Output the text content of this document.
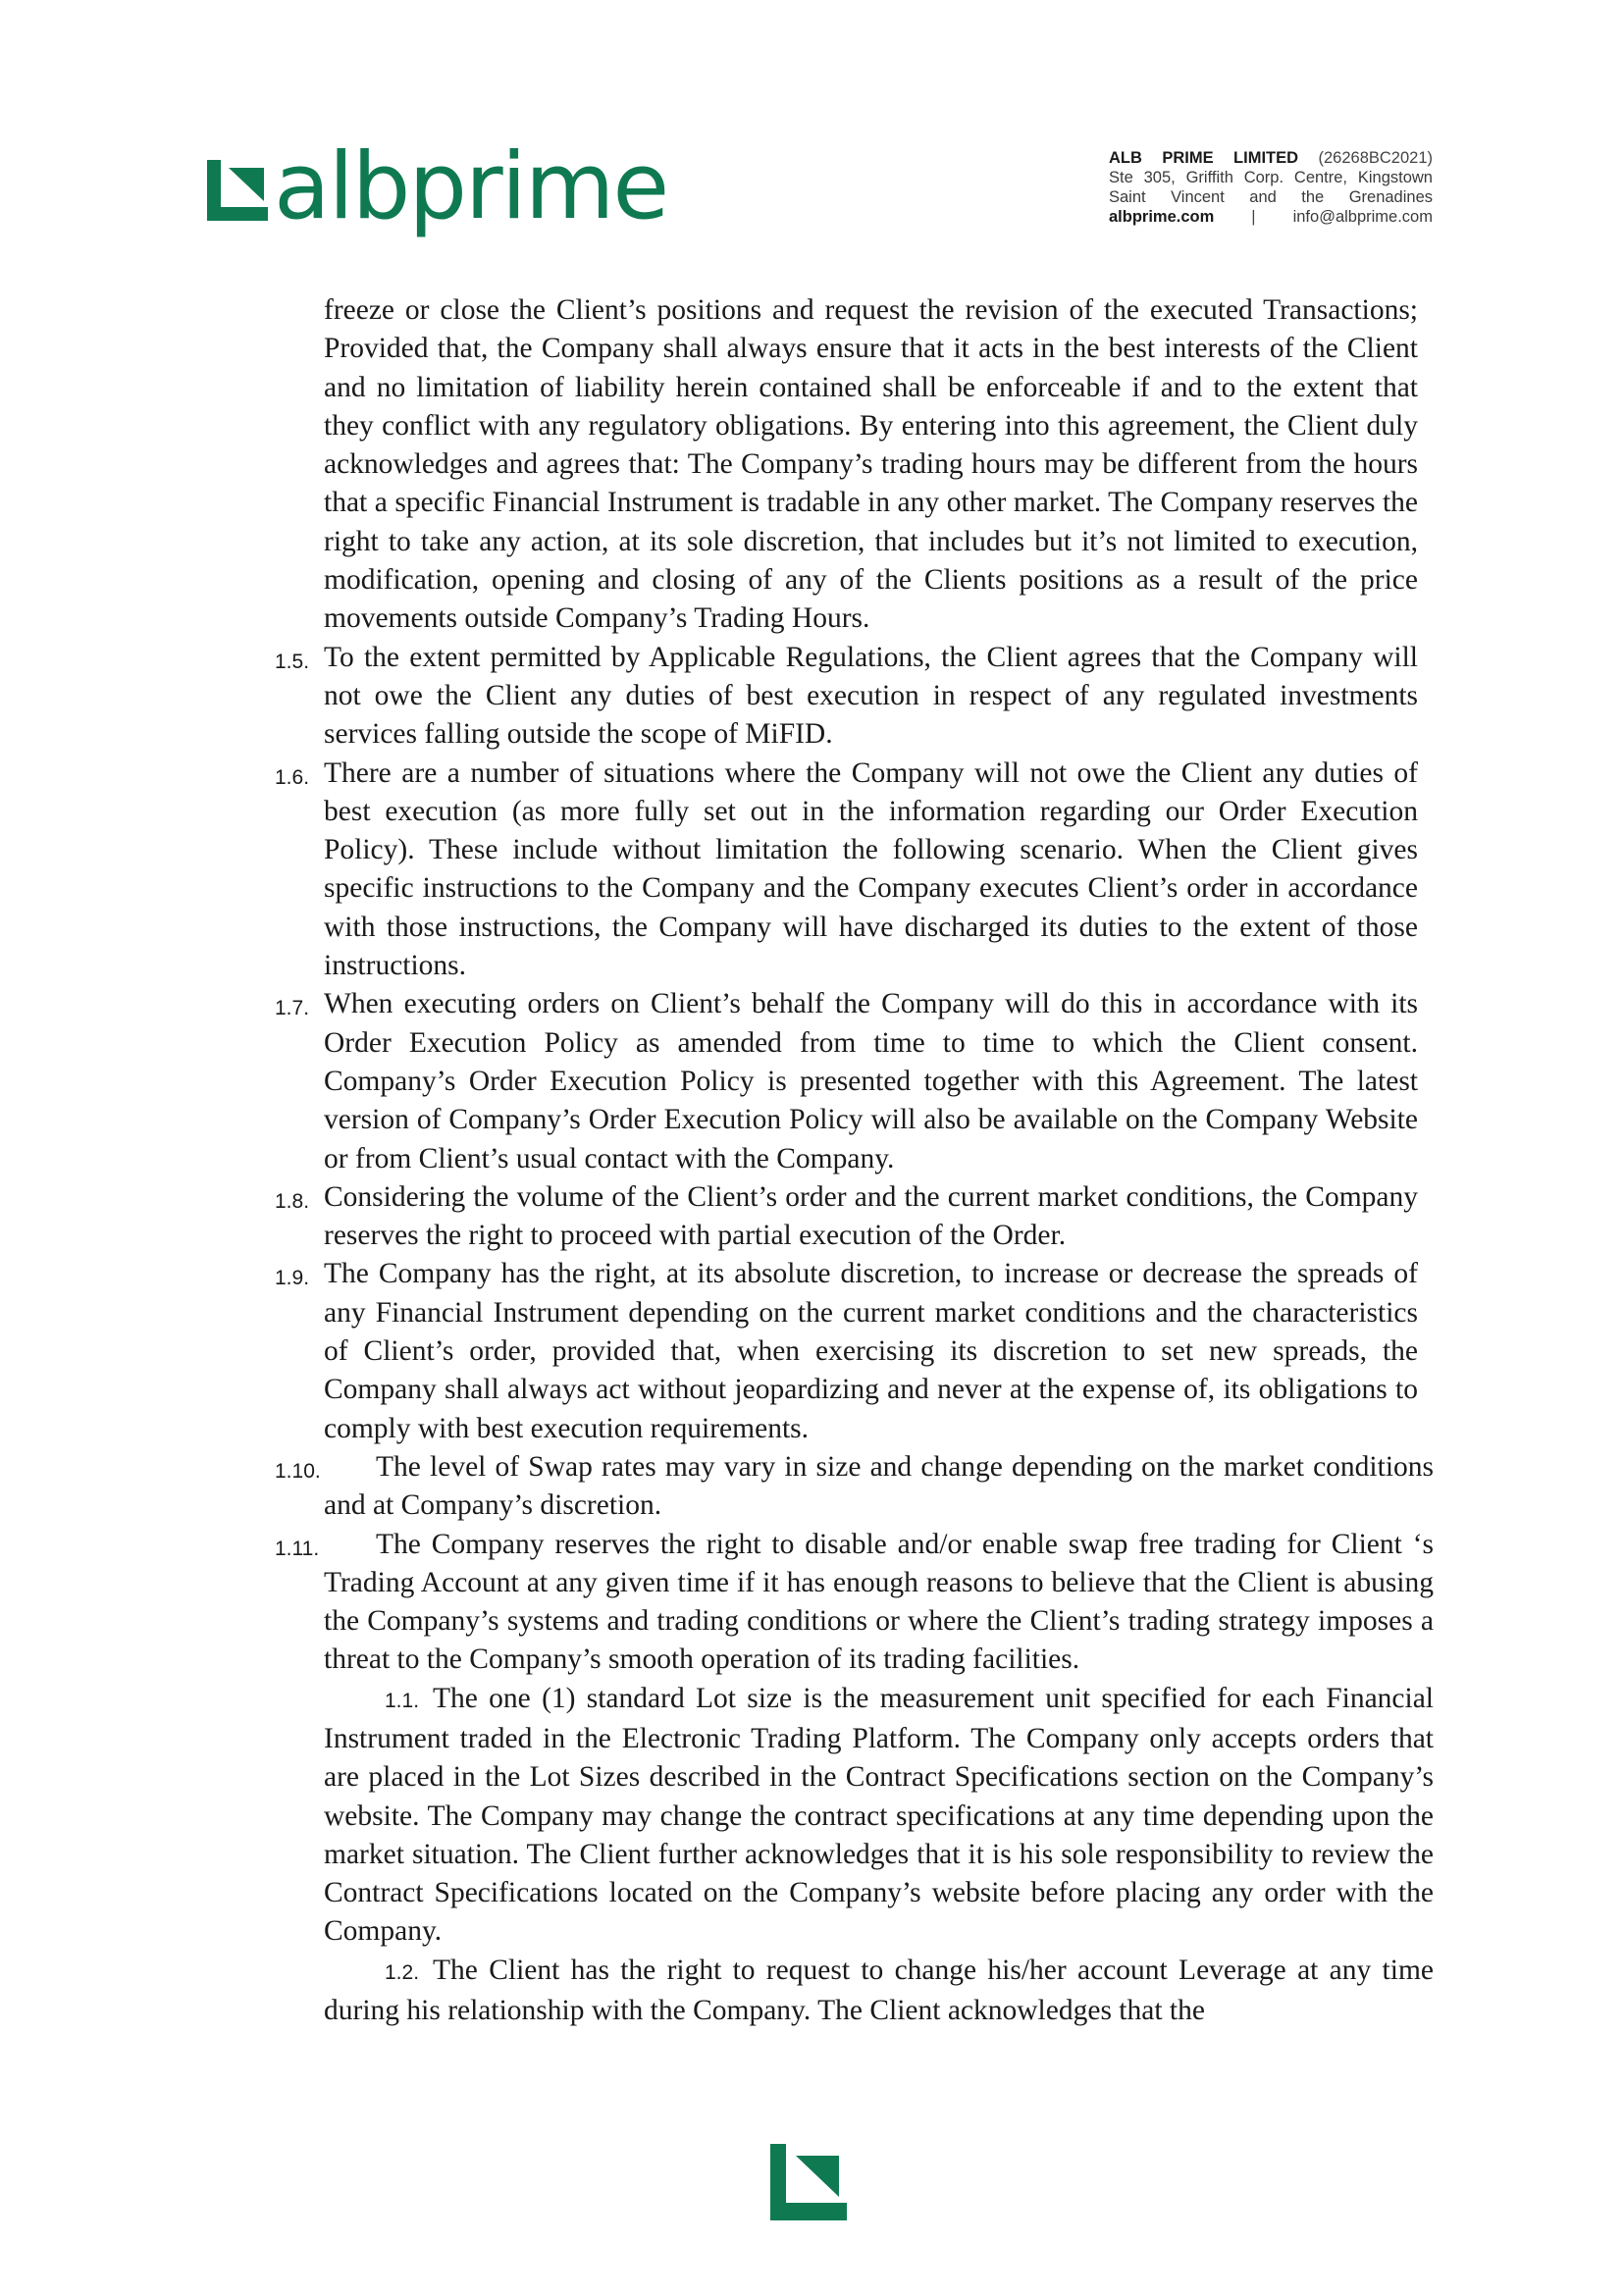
albprime	ALB PRIME LIMITED (26268BC2021)
Ste 305, Griffith Corp. Centre, Kingstown
Saint Vincent and the Grenadines
albprime.com | info@albprime.com

freeze or close the Client’s positions and request the revision of the executed Transactions; Provided that, the Company shall always ensure that it acts in the best interests of the Client and no limitation of liability herein contained shall be enforceable if and to the extent that they conflict with any regulatory obligations. By entering into this agreement, the Client duly acknowledges and agrees that: The Company’s trading hours may be different from the hours that a specific Financial Instrument is tradable in any other market. The Company reserves the right to take any action, at its sole discretion, that includes but it’s not limited to execution, modification, opening and closing of any of the Clients positions as a result of the price movements outside Company’s Trading Hours.

1.5. To the extent permitted by Applicable Regulations, the Client agrees that the Company will not owe the Client any duties of best execution in respect of any regulated investments services falling outside the scope of MiFID.

1.6. There are a number of situations where the Company will not owe the Client any duties of best execution (as more fully set out in the information regarding our Order Execution Policy). These include without limitation the following scenario. When the Client gives specific instructions to the Company and the Company executes Client’s order in accordance with those instructions, the Company will have discharged its duties to the extent of those instructions.

1.7. When executing orders on Client’s behalf the Company will do this in accordance with its Order Execution Policy as amended from time to time to which the Client consent. Company’s Order Execution Policy is presented together with this Agreement. The latest version of Company’s Order Execution Policy will also be available on the Company Website or from Client’s usual contact with the Company.

1.8. Considering the volume of the Client’s order and the current market conditions, the Company reserves the right to proceed with partial execution of the Order.

1.9. The Company has the right, at its absolute discretion, to increase or decrease the spreads of any Financial Instrument depending on the current market conditions and the characteristics of Client’s order, provided that, when exercising its discretion to set new spreads, the Company shall always act without jeopardizing and never at the expense of, its obligations to comply with best execution requirements.

1.10.	The level of Swap rates may vary in size and change depending on the market conditions and at Company’s discretion.

1.11.	The Company reserves the right to disable and/or enable swap free trading for Client ‘s Trading Account at any given time if it has enough reasons to believe that the Client is abusing the Company’s systems and trading conditions or where the Client’s trading strategy imposes a threat to the Company’s smooth operation of its trading facilities.

1.1. The one (1) standard Lot size is the measurement unit specified for each Financial Instrument traded in the Electronic Trading Platform. The Company only accepts orders that are placed in the Lot Sizes described in the Contract Specifications section on the Company’s website. The Company may change the contract specifications at any time depending upon the market situation. The Client further acknowledges that it is his sole responsibility to review the Contract Specifications located on the Company’s website before placing any order with the Company.

1.2. The Client has the right to request to change his/her account Leverage at any time during his relationship with the Company. The Client acknowledges that the
